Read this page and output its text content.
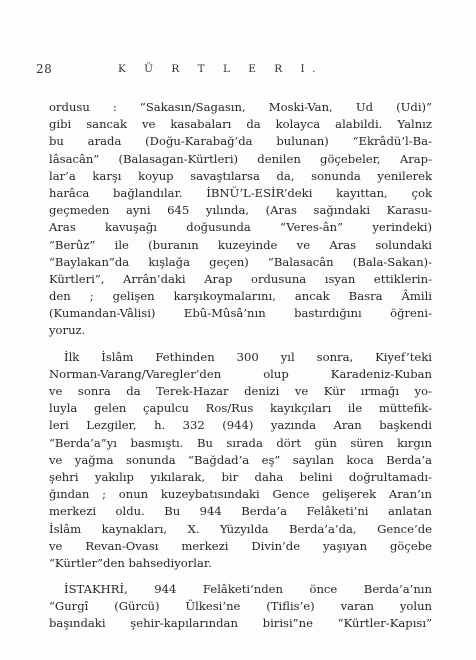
28	K Ü R T L E R I.
ordusu : “Sakasın/Sagasın, Moski-Van, Ud (Udi)”
gibi sancak ve kasabaları da kolayca alabildi. Yalnız
bu arada (Doğu-Karabağ’da bulunan) “Ekrâdü’l-Ba-
lâsacân” (Balasagan-Kürtleri) denilen göçebeler, Arap-
lar’a karşı koyup savaştılarsa da, sonunda yenilerek
harâca bağlandılar. İBNÜ’L-ESİR’deki kayıttan, çok
geçmeden ayni 645 yılında, (Aras sağındaki Karasu-
Aras kavuşağı doğusunda “Veres-ân” yerindeki)
“Berûz” ile (buranın kuzeyinde ve Aras solundaki
“Baylakan”da kışlağa geçen) “Balasacân (Bala-Sakan)-
Kürtleri”, Arrân’daki Arap ordusuna ısyan ettiklerin-
den ; gelişen karşıkoymalarını, ancak Basra Âmili
(Kumandan-Vâlisi) Ebû-Mûsâ’nın bastırdığını öğreni-
yoruz.
İlk İslâm Fethinden 300 yıl sonra, Kiyef’teki
Norman-Varang/Varegler’den olup Karadeniz-Kuban
ve sonra da Terek-Hazar denizi ve Kür ırmağı yo-
luyla gelen çapulcu Ros/Rus kayıkçıları ile müttefik-
leri Lezgiler, h. 332 (944) yazında Aran başkendi
“Berda’a”yı basmıştı. Bu sırada dört gün süren kırgın
ve yağma sonunda “Bağdad’a eş” sayılan koca Berda’a
şehri yakılıp yıkılarak, bir daha belini doğrultamadı-
ğından ; onun kuzeybatısındaki Gence gelişerek Aran’ın
merkezi oldu. Bu 944 Berda’a Felâketi’ni anlatan
İslâm kaynakları, X. Yüzyılda Berda’a’da, Gence’de
ve Revan-Ovası merkezi Divin’de yaşıyan göçebe
“Kürtler”den bahsediyorlar.
İSTAKHRİ, 944 Felâketi’nden önce Berda’a’nın
“Gurgî (Gürcü) Ülkesi’ne (Tiflis’e) varan yolun
başındaki şehir-kapılarından birisi”ne “Kürtler-Kapısı”
